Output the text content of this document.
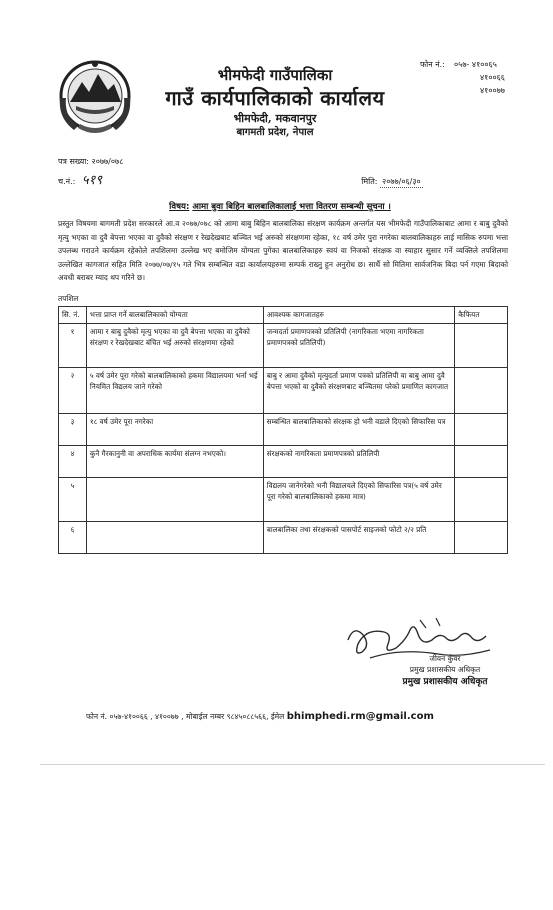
भीमफेदी गाउँपालिका
गाउँ कार्यपालिकाको कार्यालय
भीमफेदी, मकवानपुर
बागमती प्रदेश, नेपाल
फोन नं.: ०५७- ४१००६५
४१००६६
४१००७७
पत्र सख्या: २०७७/०७८
च.नं.: ५१९	मिति: २०७७/०६/३०
विषय: आमा बुवा बिहिन बालबालिकालाई भत्ता वितरण सम्बन्धी सूचना ।

प्रस्तुत विषयमा बागमती प्रदेश सरकारले आ.व २०७७/०७८ को आमा बाबु बिहिन बालबालिका संरक्षण कार्यक्रम अन्तर्गत यस भीमफेदी गाउँपालिकाबाट आमा र बाबु दुवैको मृत्यु भएका वा दुवै बेपत्ता भएका वा दुवैको संरक्षण र रेखदेखबाट बञ्चित भई अरुको संरक्षणमा रहेका, १८ वर्ष उमेर पुरा नगरेका बालबालिकाहरु लाई मासिक रुपमा भत्ता उपलब्ध गराउने कार्यक्रम रहेकोले तपशिलमा उल्लेख भए बमोजिम योग्यता पुगेका बालबालिकाहरु स्वयं वा निजको संरक्षक वा स्याहार सुसार गर्ने व्यक्तिले तपशिलमा उल्लेखित कागजात सहित मिति २०७७/०७/१५ गते भित्र सम्बन्धित वडा कार्यालयहरुमा सम्पर्क राख्नु हुन अनुरोध छ। सार्थै सो मितिमा सार्वजनिक बिदा पर्न गएमा बिदाको अवधी बराबर म्याद थप गरिने छ।

तपशिल
सि. नं.	भत्ता प्राप्त गर्ने बालबालिकाको योग्यता	आवश्यक कागजातहरु	कैफियत
१	आमा र बाबु दुवैको मृत्यु भएका वा दुवै बेपत्ता भएका वा दुवैको संरक्षण र रेखदेखबाट बंचित भई अरुको संरक्षणमा रहेको	जन्मदर्ता प्रमाणपत्रको प्रतिलिपी (नागरिकता भएमा नागरिकता प्रमाणपत्रको प्रतिलिपी)	
२	५ वर्ष उमेर पूरा गरेको बालबालिकाको हकमा विद्यालयमा भर्ना भई नियमित विद्यलय जाने गरेको	बाबु र आमा दुवैको मृत्युदर्ता प्रमाण पत्रको प्रतिलिपी वा बाबु आमा दुवै बेपत्ता भएको वा दुवैको संरक्षणबाट बञ्चितमा परेको प्रमाणित कागजात	
३	१८ वर्ष उमेर पूरा नगरेका	सम्बन्धित बालबालिकाको संरक्षक हो भनी वडाले दिएको सिफारिस पत्र	
४	कुनै गैरकानुनी वा अपराधिक कार्यमा संलग्न नभएको।	संरक्षकको नागरिकता प्रमाणपत्रको प्रतिलिपी	
५		विद्यलय जानेगरेको भनी विद्यालयले दिएको सिफारिस पत्र(५ वर्ष उमेर पूरा गरेको बालबालिकाको हकमा मात्र)	
६		बालबालिका तथा संरक्षकको पासपोर्ट साइजको फोटो २/२ प्रति	
जीवन कुँवर
प्रमुख प्रशासकीय अधिकृत
प्रमुख प्रशासकीय अधिकृत
फोन नं. ०५७-४१००६६ , ४१००७७ , मोबाईल नम्बर ९८४५०८८५६६, ईमेल bhimphedi.rm@gmail.com
